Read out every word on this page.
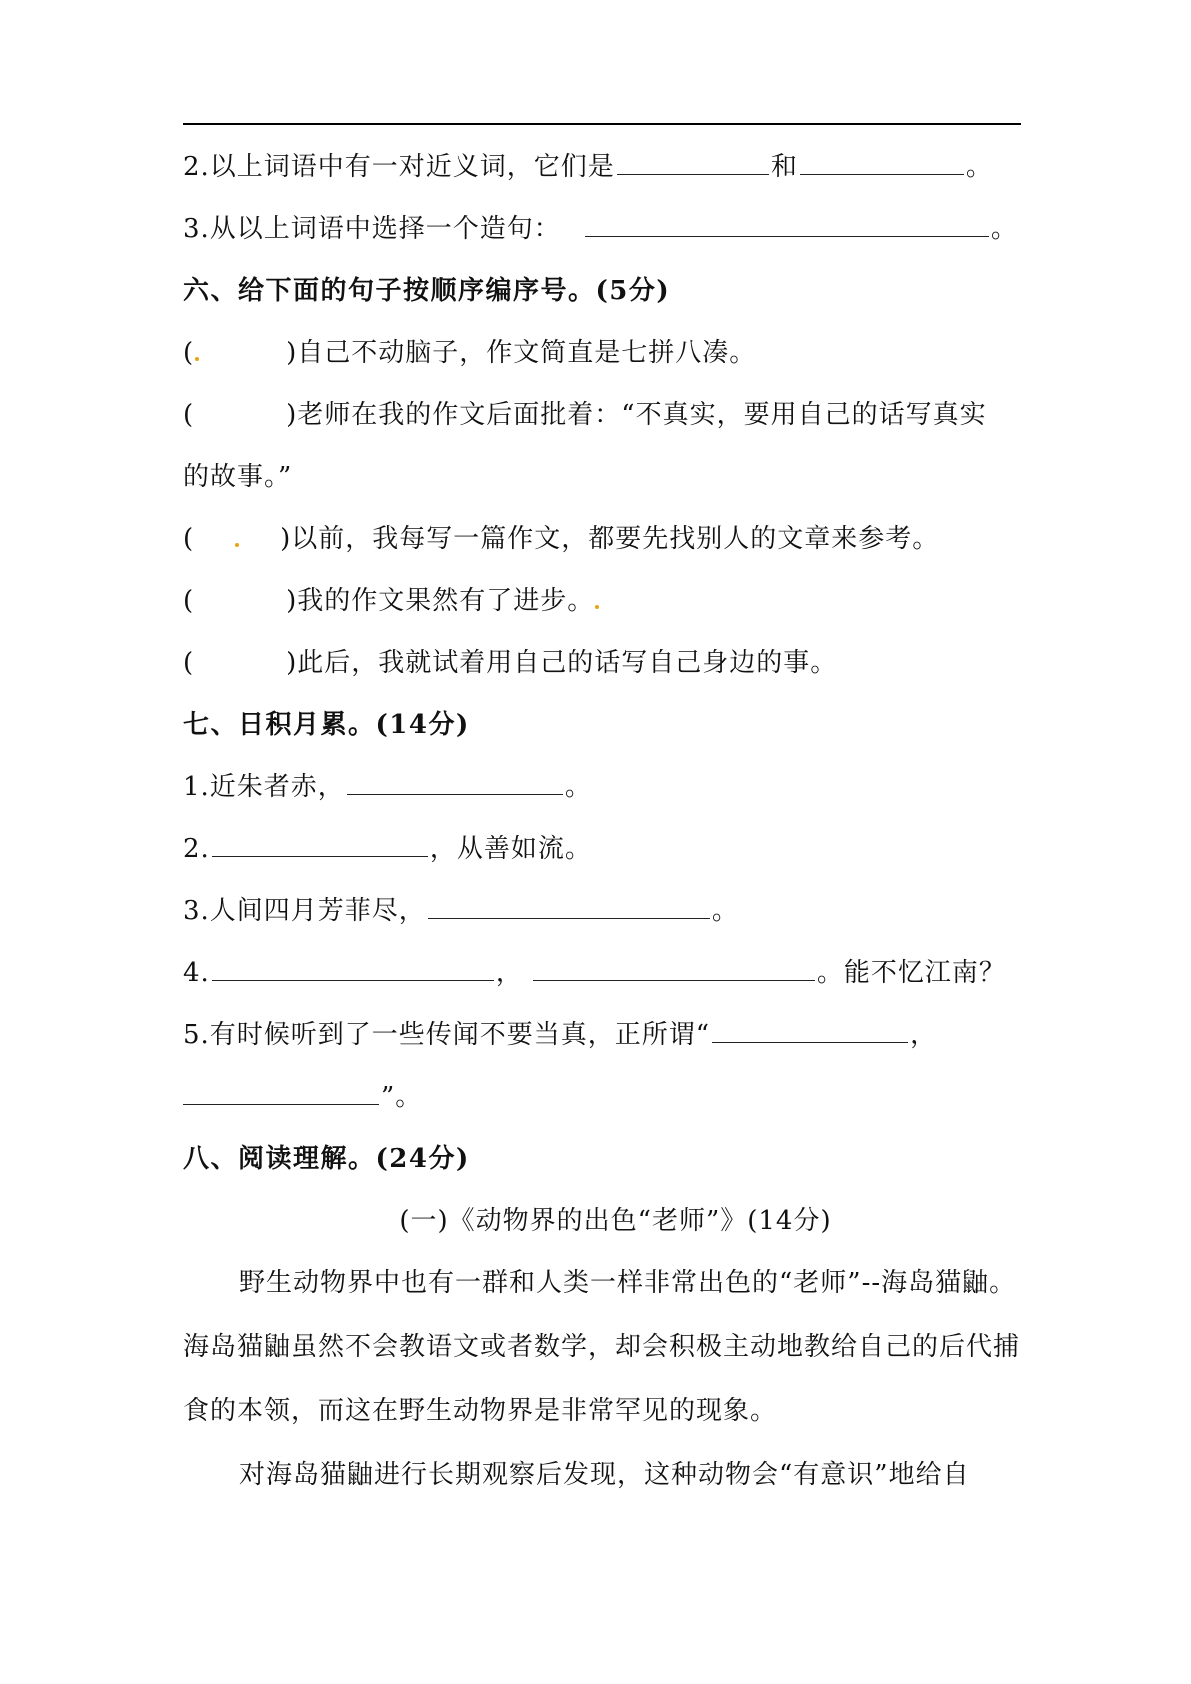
2.以上词语中有一对近义词，它们是	和	。
3.从以上词语中选择一个造句：	。
六、给下面的句子按顺序编序号。(5分)
(	)自己不动脑子，作文简直是七拼八凑。
(	)老师在我的作文后面批着：“不真实，要用自己的话写真实
的故事。”
(	)以前，我每写一篇作文，都要先找别人的文章来参考。
(	)我的作文果然有了进步。
(	)此后，我就试着用自己的话写自己身边的事。
七、日积月累。(14分)
1.近朱者赤，	。
2.	，从善如流。
3.人间四月芳菲尽，	。
4.	，	。能不忆江南？
5.有时候听到了一些传闻不要当真，正所谓“	，
”。
八、阅读理解。(24分)
(一)《动物界的出色“老师”》(14分)
野生动物界中也有一群和人类一样非常出色的“老师”--海岛猫鼬。海岛猫鼬虽然不会教语文或者数学，却会积极主动地教给自己的后代捕食的本领，而这在野生动物界是非常罕见的现象。
对海岛猫鼬进行长期观察后发现，这种动物会“有意识”地给自
